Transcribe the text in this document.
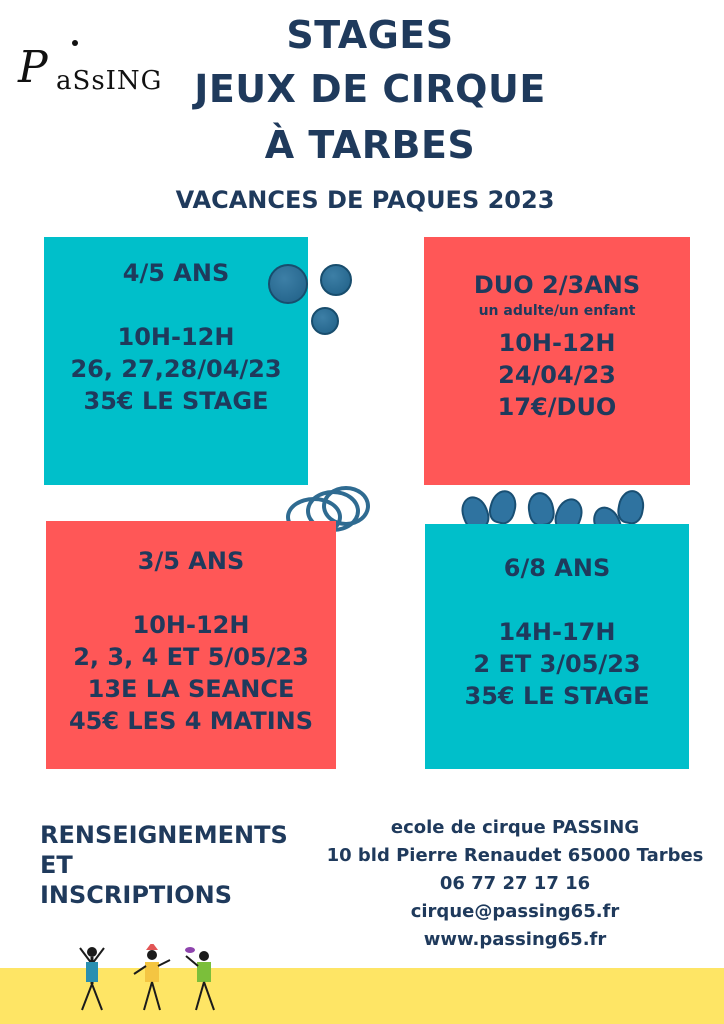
P aSsING
STAGES
JEUX DE CIRQUE
À TARBES
VACANCES DE PAQUES 2023
4/5 ANS

10H-12H
26, 27,28/04/23
35€ LE STAGE
DUO 2/3ANS
un adulte/un enfant
10H-12H
24/04/23
17€/DUO
3/5 ANS

10H-12H
2, 3, 4 ET 5/05/23
13E LA SEANCE
45€ LES 4 MATINS
6/8 ANS

14H-17H
2 ET 3/05/23
35€ LE STAGE
RENSEIGNEMENTS
ET
INSCRIPTIONS
ecole de cirque PASSING
10 bld Pierre Renaudet 65000 Tarbes
06 77 27 17 16
cirque@passing65.fr
www.passing65.fr
